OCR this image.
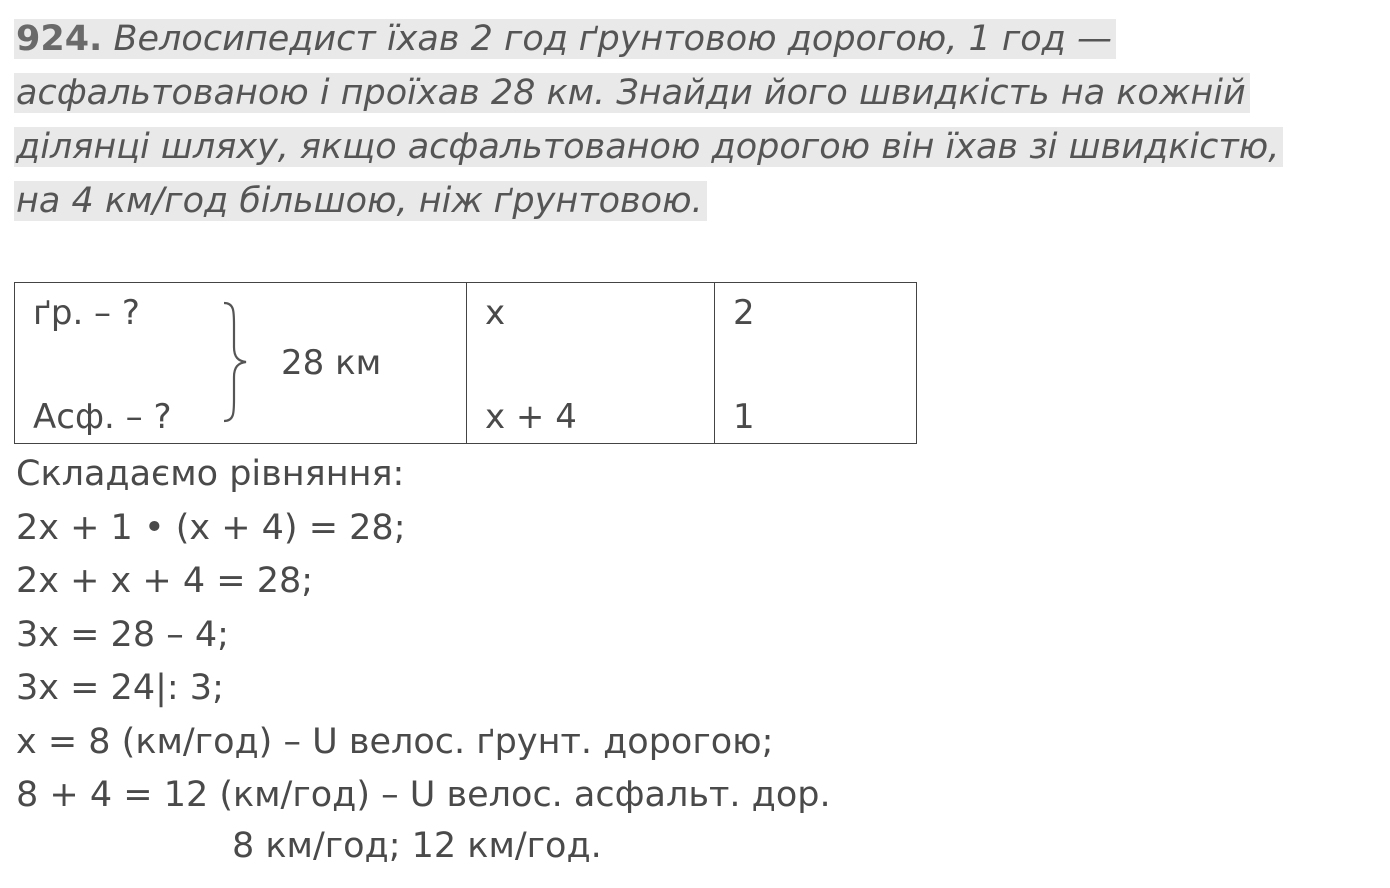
924. Велосипедист їхав 2 год ґрунтовою дорогою, 1 год —
асфальтованою і проїхав 28 км. Знайди його швидкість на кожній
ділянці шляху, якщо асфальтованою дорогою він їхав зі швидкістю,
на 4 км/год більшою, ніж ґрунтовою.
ґр. – ?
Асф. – ?
28 км
x
x + 4
2
1
Складаємо рівняння:
2x + 1 • (x + 4) = 28;
2x + x + 4 = 28;
3x = 28 – 4;
3x = 24|: 3;
x = 8 (км/год) – U велос. ґрунт. дорогою;
8 + 4 = 12 (км/год) – U велос. асфальт. дор.
8 км/год; 12 км/год.
